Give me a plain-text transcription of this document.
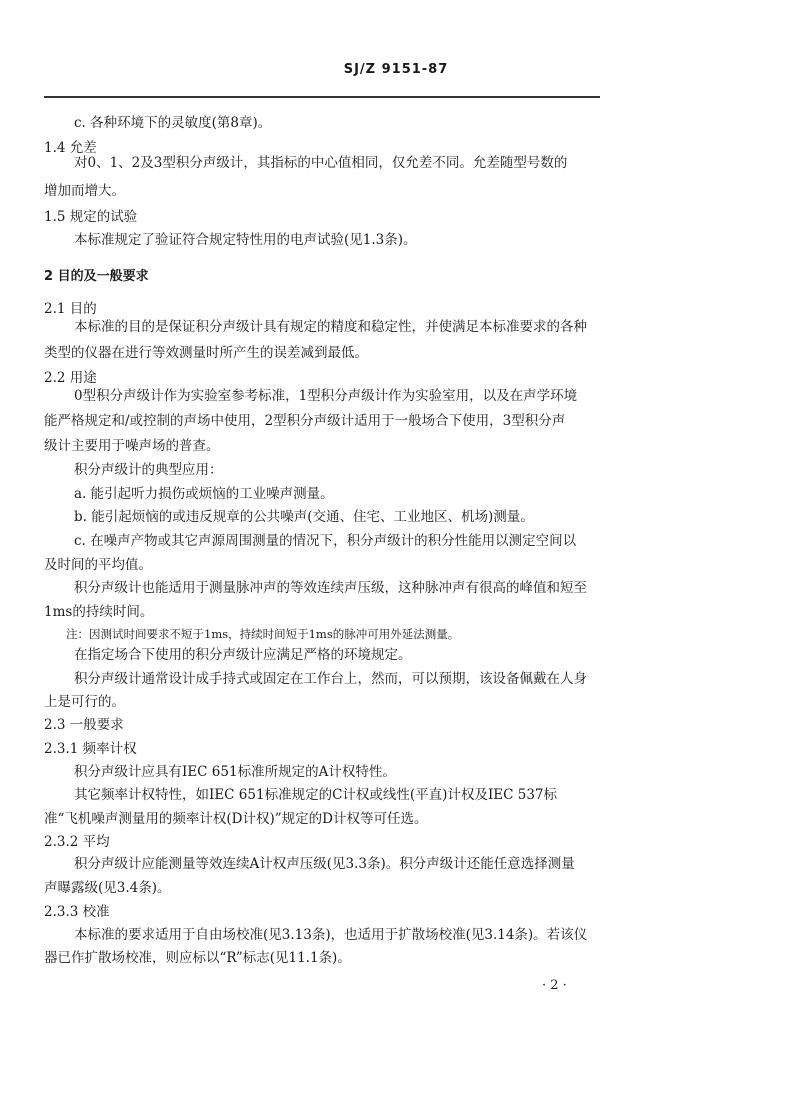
SJ/Z 9151-87
c. 各种环境下的灵敏度(第8章)。
1.4 允差
对0、1、2及3型积分声级计，其指标的中心值相同，仅允差不同。允差随型号数的
增加而增大。
1.5 规定的试验
本标准规定了验证符合规定特性用的电声试验(见1.3条)。
2 目的及一般要求
2.1 目的
本标准的目的是保证积分声级计具有规定的精度和稳定性，并使满足本标准要求的各种
类型的仪器在进行等效测量时所产生的误差减到最低。
2.2 用途
0型积分声级计作为实验室参考标准，1型积分声级计作为实验室用，以及在声学环境
能严格规定和/或控制的声场中使用，2型积分声级计适用于一般场合下使用，3型积分声
级计主要用于噪声场的普查。
积分声级计的典型应用：
a. 能引起听力损伤或烦恼的工业噪声测量。
b. 能引起烦恼的或违反规章的公共噪声(交通、住宅、工业地区、机场)测量。
c. 在噪声产物或其它声源周围测量的情况下，积分声级计的积分性能用以测定空间以
及时间的平均值。
积分声级计也能适用于测量脉冲声的等效连续声压级，这种脉冲声有很高的峰值和短至
1ms的持续时间。
注：因测试时间要求不短于1ms，持续时间短于1ms的脉冲可用外延法测量。
在指定场合下使用的积分声级计应满足严格的环境规定。
积分声级计通常设计成手持式或固定在工作台上，然而，可以预期，该设备佩戴在人身
上是可行的。
2.3 一般要求
2.3.1 频率计权
积分声级计应具有IEC 651标准所规定的A计权特性。
其它频率计权特性，如IEC 651标准规定的C计权或线性(平直)计权及IEC 537标
准“飞机噪声测量用的频率计权(D计权)”规定的D计权等可任选。
2.3.2 平均
积分声级计应能测量等效连续A计权声压级(见3.3条)。积分声级计还能任意选择测量
声曝露级(见3.4条)。
2.3.3 校准
本标准的要求适用于自由场校准(见3.13条)，也适用于扩散场校准(见3.14条)。若该仪
器已作扩散场校准，则应标以“R”标志(见11.1条)。
· 2 ·
